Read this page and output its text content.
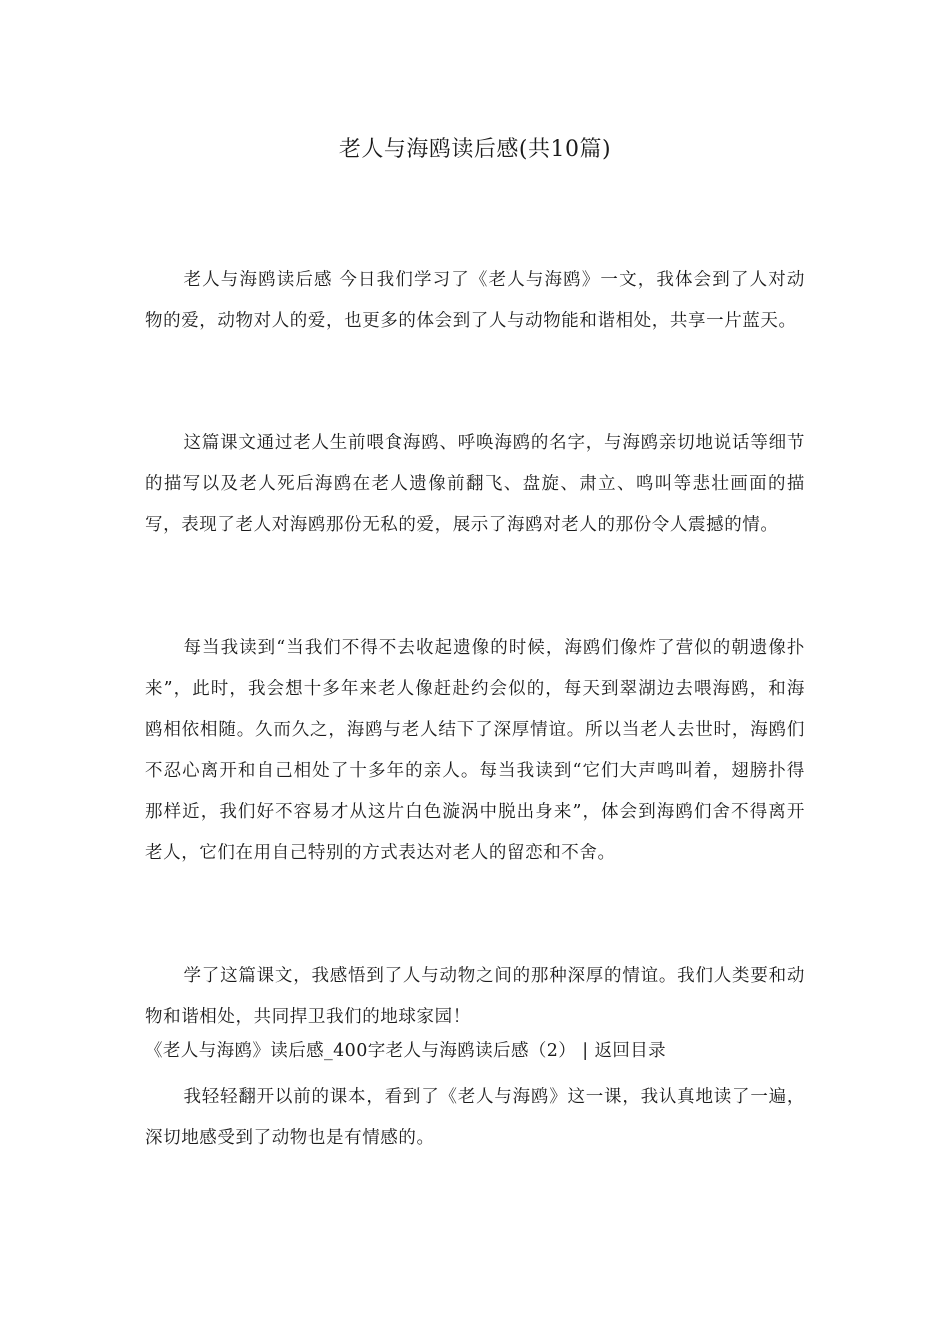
老人与海鸥读后感(共10篇)

老人与海鸥读后感 今日我们学习了《老人与海鸥》一文，我体会到了人对动物的爱，动物对人的爱，也更多的体会到了人与动物能和谐相处，共享一片蓝天。

这篇课文通过老人生前喂食海鸥、呼唤海鸥的名字，与海鸥亲切地说话等细节的描写以及老人死后海鸥在老人遗像前翻飞、盘旋、肃立、鸣叫等悲壮画面的描写，表现了老人对海鸥那份无私的爱，展示了海鸥对老人的那份令人震撼的情。

每当我读到“当我们不得不去收起遗像的时候，海鸥们像炸了营似的朝遗像扑来”，此时，我会想十多年来老人像赶赴约会似的，每天到翠湖边去喂海鸥，和海鸥相依相随。久而久之，海鸥与老人结下了深厚情谊。所以当老人去世时，海鸥们不忍心离开和自己相处了十多年的亲人。每当我读到“它们大声鸣叫着，翅膀扑得那样近，我们好不容易才从这片白色漩涡中脱出身来”，体会到海鸥们舍不得离开老人，它们在用自己特别的方式表达对老人的留恋和不舍。

学了这篇课文，我感悟到了人与动物之间的那种深厚的情谊。我们人类要和动物和谐相处，共同捍卫我们的地球家园！

《老人与海鸥》读后感_400字老人与海鸥读后感（2） | 返回目录

我轻轻翻开以前的课本，看到了《老人与海鸥》这一课，我认真地读了一遍，深切地感受到了动物也是有情感的。
